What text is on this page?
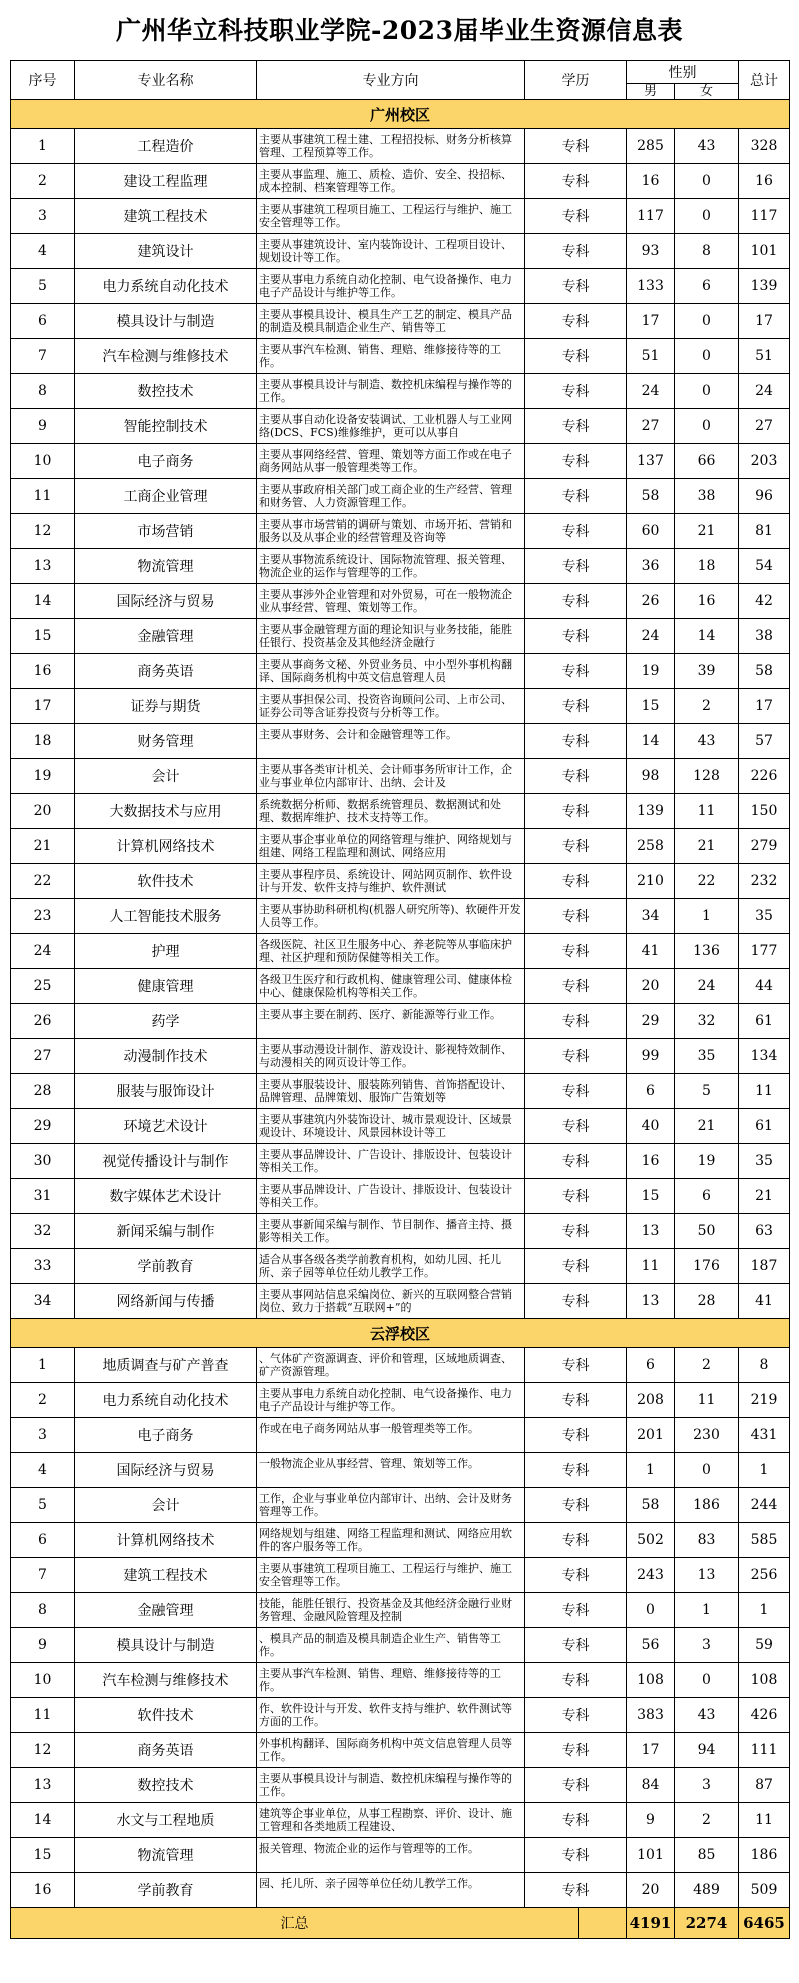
广州华立科技职业学院-2023届毕业生资源信息表
序号	专业名称	专业方向	学历		性别		总计
					男	女	
广州校区							
1	工程造价	主要从事建筑工程土建、工程招投标、财务分析核算管理、工程预算等工作。	专科		285	43	328
2	建设工程监理	主要从事监理、施工、质检、造价、安全、投招标、成本控制、档案管理等工作。	专科		16	0	16
3	建筑工程技术	主要从事建筑工程项目施工、工程运行与维护、施工安全管理等工作。	专科		117	0	117
4	建筑设计	主要从事建筑设计、室内装饰设计、工程项目设计、规划设计等工作。	专科		93	8	101
5	电力系统自动化技术	主要从事电力系统自动化控制、电气设备操作、电力电子产品设计与维护等工作。	专科		133	6	139
6	模具设计与制造	主要从事模具设计、模具生产工艺的制定、模具产品的制造及模具制造企业生产、销售等工	专科		17	0	17
7	汽车检测与维修技术	主要从事汽车检测、销售、理赔、维修接待等的工作。	专科		51	0	51
8	数控技术	主要从事模具设计与制造、数控机床编程与操作等的工作。	专科		24	0	24
9	智能控制技术	主要从事自动化设备安装调试、工业机器人与工业网络(DCS、FCS)维修维护，更可以从事自	专科		27	0	27
10	电子商务	主要从事网络经营、管理、策划等方面工作或在电子商务网站从事一般管理类等工作。	专科		137	66	203
11	工商企业管理	主要从事政府相关部门或工商企业的生产经营、管理和财务管、人力资源管理工作。	专科		58	38	96
12	市场营销	主要从事市场营销的调研与策划、市场开拓、营销和服务以及从事企业的经营管理及咨询等	专科		60	21	81
13	物流管理	主要从事物流系统设计、国际物流管理、报关管理、物流企业的运作与管理等的工作。	专科		36	18	54
14	国际经济与贸易	主要从事涉外企业管理和对外贸易，可在一般物流企业从事经营、管理、策划等工作。	专科		26	16	42
15	金融管理	主要从事金融管理方面的理论知识与业务技能，能胜任银行、投资基金及其他经济金融行	专科		24	14	38
16	商务英语	主要从事商务文秘、外贸业务员、中小型外事机构翻译、国际商务机构中英文信息管理人员	专科		19	39	58
17	证券与期货	主要从事担保公司、投资咨询顾问公司、上市公司、证券公司等含证券投资与分析等工作。	专科		15	2	17
18	财务管理	主要从事财务、会计和金融管理等工作。	专科		14	43	57
19	会计	主要从事各类审计机关、会计师事务所审计工作，企业与事业单位内部审计、出纳、会计及	专科		98	128	226
20	大数据技术与应用	系统数据分析师、数据系统管理员、数据测试和处理、数据库维护、技术支持等工作。	专科		139	11	150
21	计算机网络技术	主要从事企事业单位的网络管理与维护、网络规划与组建、网络工程监理和测试、网络应用	专科		258	21	279
22	软件技术	主要从事程序员、系统设计、网站网页制作、软件设计与开发、软件支持与维护、软件测试	专科		210	22	232
23	人工智能技术服务	主要从事协助科研机构(机器人研究所等)、软硬件开发人员等工作。	专科		34	1	35
24	护理	各级医院、社区卫生服务中心、养老院等从事临床护理、社区护理和预防保健等相关工作。	专科		41	136	177
25	健康管理	各级卫生医疗和行政机构、健康管理公司、健康体检中心、健康保险机构等相关工作。	专科		20	24	44
26	药学	主要从事主要在制药、医疗、新能源等行业工作。	专科		29	32	61
27	动漫制作技术	主要从事动漫设计制作、游戏设计、影视特效制作、与动漫相关的网页设计等工作。	专科		99	35	134
28	服装与服饰设计	主要从事服装设计、服装陈列销售、首饰搭配设计、品牌管理、品牌策划、服饰广告策划等	专科		6	5	11
29	环境艺术设计	主要从事建筑内外装饰设计、城市景观设计、区域景观设计、环境设计、风景园林设计等工	专科		40	21	61
30	视觉传播设计与制作	主要从事品牌设计、广告设计、排版设计、包装设计等相关工作。	专科		16	19	35
31	数字媒体艺术设计	主要从事品牌设计、广告设计、排版设计、包装设计等相关工作。	专科		15	6	21
32	新闻采编与制作	主要从事新闻采编与制作、节目制作、播音主持、摄影等相关工作。	专科		13	50	63
33	学前教育	适合从事各级各类学前教育机构，如幼儿园、托儿所、亲子园等单位任幼儿教学工作。	专科		11	176	187
34	网络新闻与传播	主要从事网站信息采编岗位、新兴的互联网整合营销岗位、致力于搭载“互联网+”的	专科		13	28	41
云浮校区							
1	地质调查与矿产普查	、气体矿产资源调查、评价和管理，区域地质调查、矿产资源管理。	专科		6	2	8
2	电力系统自动化技术	主要从事电力系统自动化控制、电气设备操作、电力电子产品设计与维护等工作。	专科		208	11	219
3	电子商务	作或在电子商务网站从事一般管理类等工作。	专科		201	230	431
4	国际经济与贸易	一般物流企业从事经营、管理、策划等工作。	专科		1	0	1
5	会计	工作，企业与事业单位内部审计、出纳、会计及财务管理等工作。	专科		58	186	244
6	计算机网络技术	网络规划与组建、网络工程监理和测试、网络应用软件的客户服务等工作。	专科		502	83	585
7	建筑工程技术	主要从事建筑工程项目施工、工程运行与维护、施工安全管理等工作。	专科		243	13	256
8	金融管理	技能，能胜任银行、投资基金及其他经济金融行业财务管理、金融风险管理及控制	专科		0	1	1
9	模具设计与制造	、模具产品的制造及模具制造企业生产、销售等工作。	专科		56	3	59
10	汽车检测与维修技术	主要从事汽车检测、销售、理赔、维修接待等的工作。	专科		108	0	108
11	软件技术	作、软件设计与开发、软件支持与维护、软件测试等方面的工作。	专科		383	43	426
12	商务英语	外事机构翻译、国际商务机构中英文信息管理人员等工作。	专科		17	94	111
13	数控技术	主要从事模具设计与制造、数控机床编程与操作等的工作。	专科		84	3	87
14	水文与工程地质	建筑等企事业单位，从事工程勘察、评价、设计、施工管理和各类地质工程建设、	专科		9	2	11
15	物流管理	报关管理、物流企业的运作与管理等的工作。	专科		101	85	186
16	学前教育	园、托儿所、亲子园等单位任幼儿教学工作。	专科		20	489	509
汇总					4191	2274	6465
